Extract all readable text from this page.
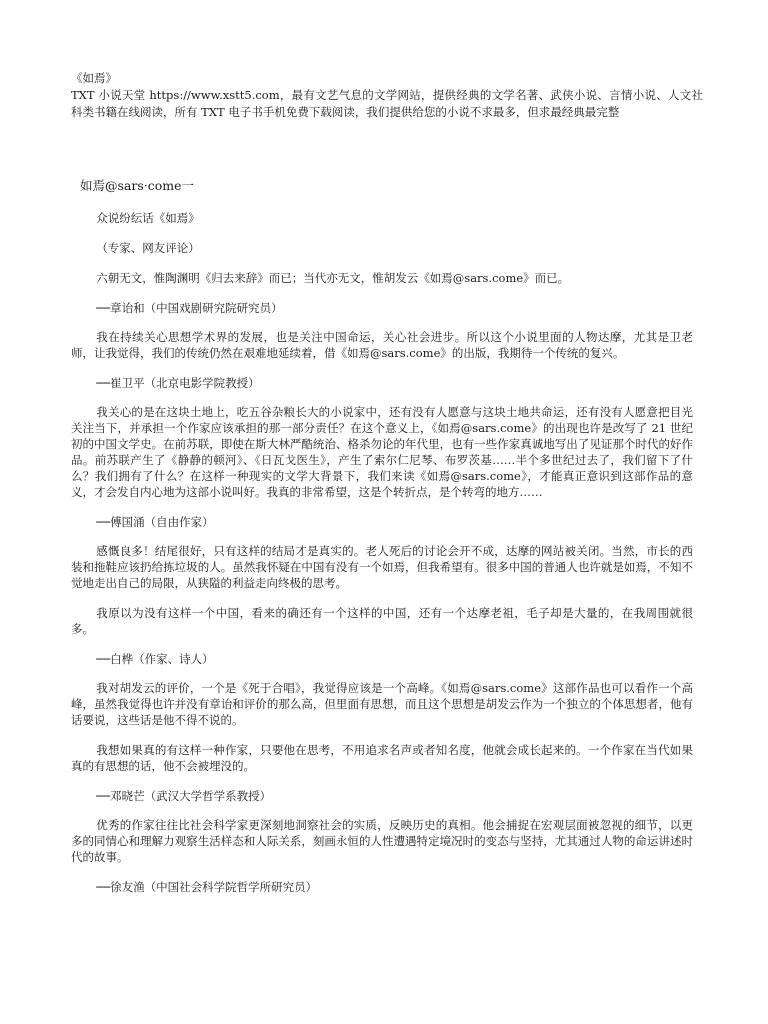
《如焉》
TXT 小说天堂 https://www.xstt5.com，最有文艺气息的文学网站，提供经典的文学名著、武侠小说、言情小说、人文社科类书籍在线阅读，所有 TXT 电子书手机免费下载阅读，我们提供给您的小说不求最多，但求最经典最完整
如焉@sars·come一

众说纷纭话《如焉》

（专家、网友评论）

六朝无文，惟陶渊明《归去来辞》而已；当代亦无文，惟胡发云《如焉@sars.come》而已。

──章诒和（中国戏剧研究院研究员）

我在持续关心思想学术界的发展，也是关注中国命运，关心社会进步。所以这个小说里面的人物达摩，尤其是卫老师，让我觉得，我们的传统仍然在艰难地延续着，借《如焉@sars.come》的出版，我期待一个传统的复兴。

──崔卫平（北京电影学院教授）

我关心的是在这块土地上，吃五谷杂粮长大的小说家中，还有没有人愿意与这块土地共命运，还有没有人愿意把目光关注当下，并承担一个作家应该承担的那一部分责任？在这个意义上，《如焉@sars.come》的出现也许是改写了 21 世纪初的中国文学史。在前苏联，即使在斯大林严酷统治、格杀勿论的年代里，也有一些作家真诚地写出了见证那个时代的好作品。前苏联产生了《静静的顿河》、《日瓦戈医生》，产生了索尔仁尼琴、布罗茨基……半个多世纪过去了，我们留下了什么？我们拥有了什么？在这样一种现实的文学大背景下，我们来读《如焉@sars.come》，才能真正意识到这部作品的意义，才会发自内心地为这部小说叫好。我真的非常希望，这是个转折点，是个转弯的地方……

──傅国涌（自由作家）

感慨良多！结尾很好，只有这样的结局才是真实的。老人死后的讨论会开不成，达摩的网站被关闭。当然，市长的西装和拖鞋应该扔给拣垃圾的人。虽然我怀疑在中国有没有一个如焉，但我希望有。很多中国的普通人也许就是如焉，不知不觉地走出自己的局限，从狭隘的利益走向终极的思考。

我原以为没有这样一个中国，看来的确还有一个这样的中国，还有一个达摩老祖，毛子却是大量的，在我周围就很多。

──白桦（作家、诗人）

我对胡发云的评价，一个是《死于合唱》，我觉得应该是一个高峰。《如焉@sars.come》这部作品也可以看作一个高峰，虽然我觉得也许并没有章诒和评价的那么高，但里面有思想，而且这个思想是胡发云作为一个独立的个体思想者，他有话要说，这些话是他不得不说的。

我想如果真的有这样一种作家，只要他在思考，不用追求名声或者知名度，他就会成长起来的。一个作家在当代如果真的有思想的话，他不会被埋没的。

──邓晓芒（武汉大学哲学系教授）

优秀的作家往往比社会科学家更深刻地洞察社会的实质，反映历史的真相。他会捕捉在宏观层面被忽视的细节，以更多的同情心和理解力观察生活样态和人际关系，刻画永恒的人性遭遇特定境况时的变态与坚持，尤其通过人物的命运讲述时代的故事。

──徐友渔（中国社会科学院哲学所研究员）
